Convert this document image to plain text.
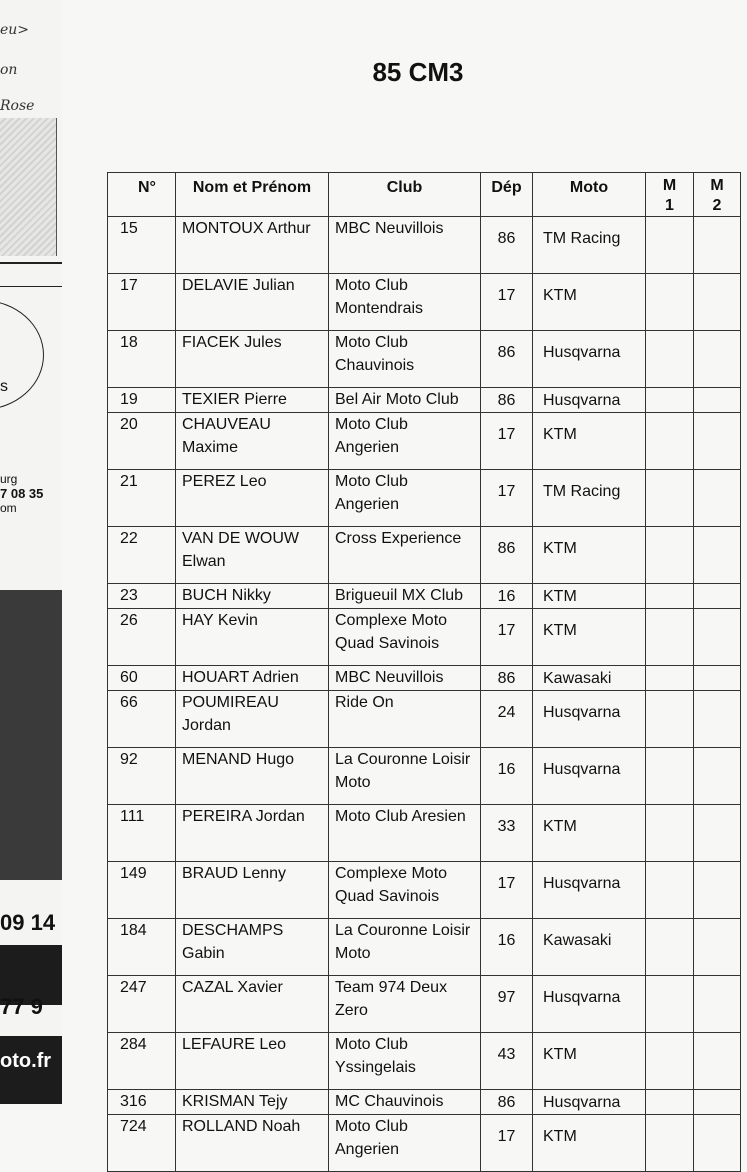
eu>
on
Rose
s
urg
7 08 35
om
09 14
77 9
oto.fr
85 CM3
N°	Nom et Prénom	Club	Dép	Moto	M 1	M 2
15	MONTOUX Arthur	MBC Neuvillois	86	TM Racing		
17	DELAVIE Julian	Moto Club Montendrais	17	KTM		
18	FIACEK Jules	Moto Club Chauvinois	86	Husqvarna		
19	TEXIER Pierre	Bel Air Moto Club	86	Husqvarna		
20	CHAUVEAU Maxime	Moto Club Angerien	17	KTM		
21	PEREZ Leo	Moto Club Angerien	17	TM Racing		
22	VAN DE WOUW Elwan	Cross Experience	86	KTM		
23	BUCH Nikky	Brigueuil MX Club	16	KTM		
26	HAY Kevin	Complexe Moto Quad Savinois	17	KTM		
60	HOUART Adrien	MBC Neuvillois	86	Kawasaki		
66	POUMIREAU Jordan	Ride On	24	Husqvarna		
92	MENAND Hugo	La Couronne Loisir Moto	16	Husqvarna		
111	PEREIRA Jordan	Moto Club Aresien	33	KTM		
149	BRAUD Lenny	Complexe Moto Quad Savinois	17	Husqvarna		
184	DESCHAMPS Gabin	La Couronne Loisir Moto	16	Kawasaki		
247	CAZAL Xavier	Team 974 Deux Zero	97	Husqvarna		
284	LEFAURE Leo	Moto Club Yssingelais	43	KTM		
316	KRISMAN Tejy	MC Chauvinois	86	Husqvarna		
724	ROLLAND Noah	Moto Club Angerien	17	KTM		
